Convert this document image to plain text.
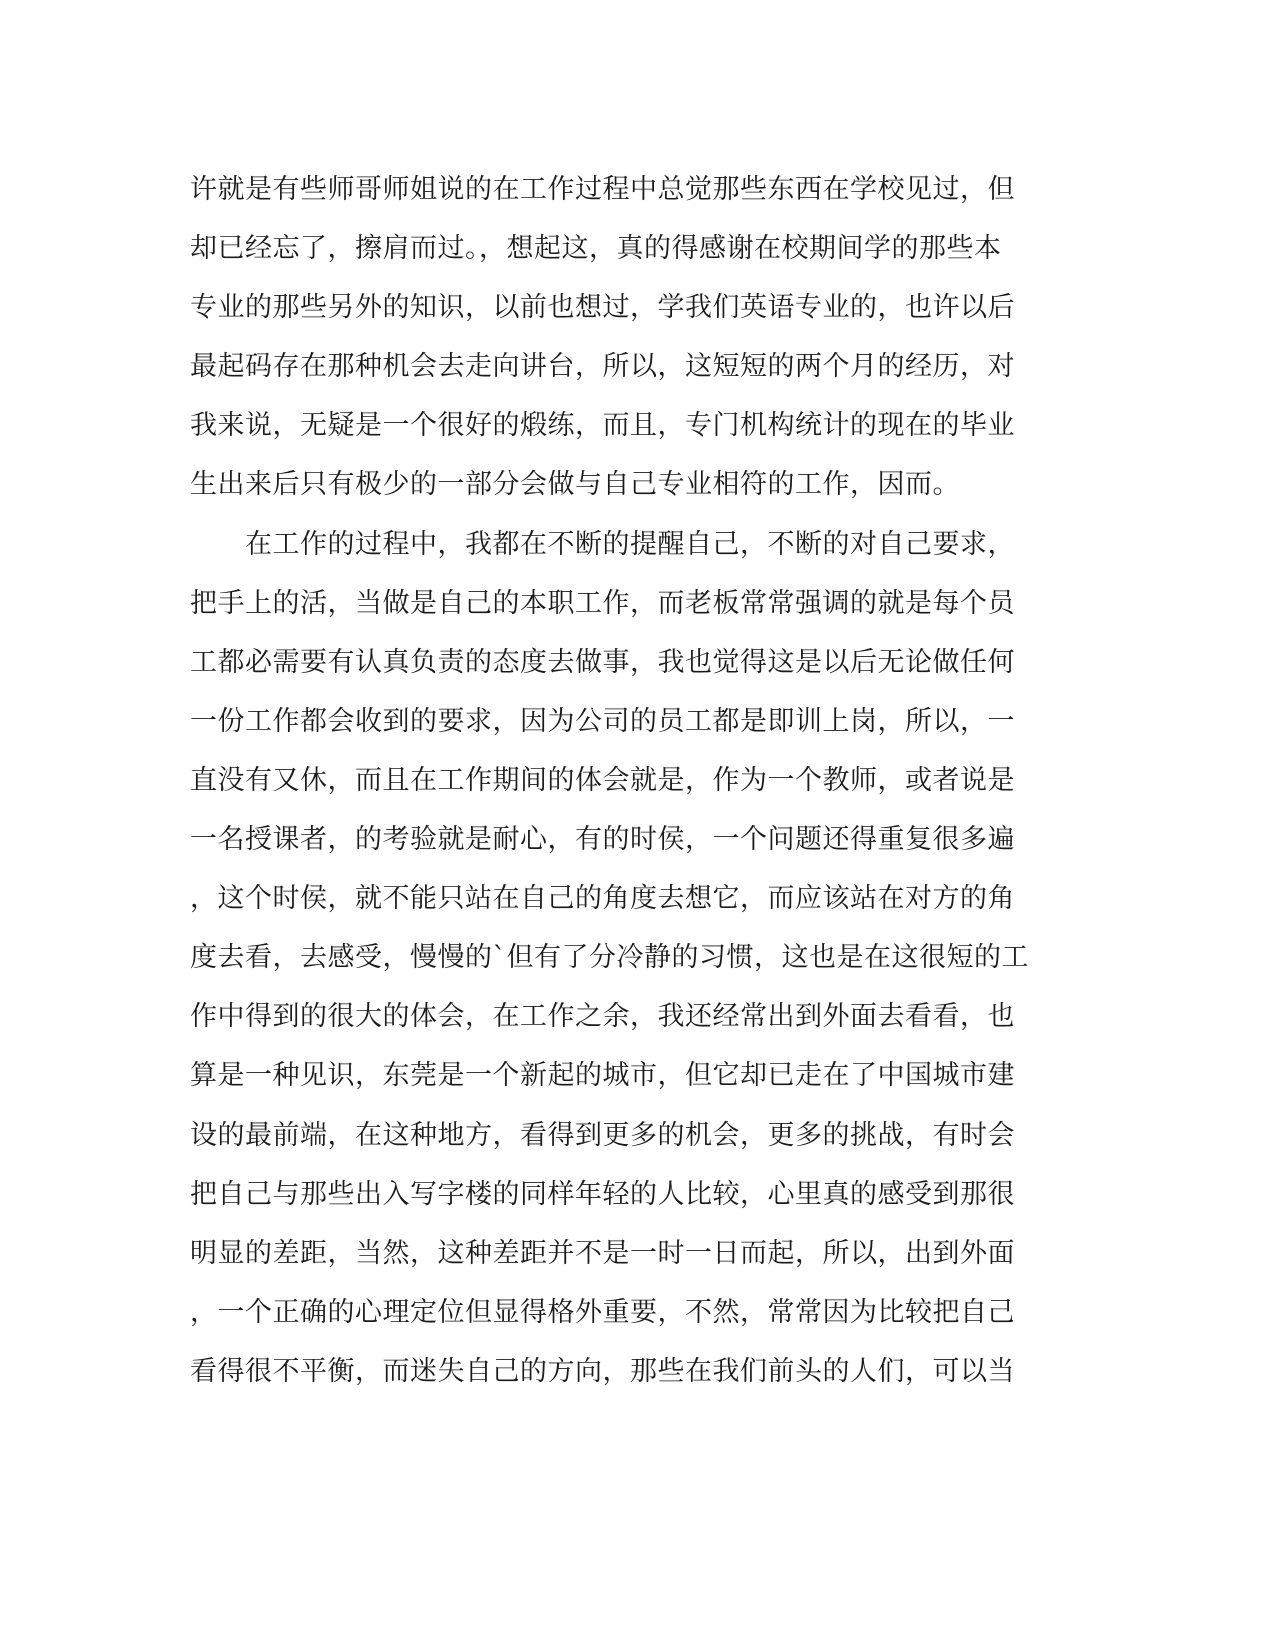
许就是有些师哥师姐说的在工作过程中总觉那些东西在学校见过，但
却已经忘了，擦肩而过。，想起这，真的得感谢在校期间学的那些本
专业的那些另外的知识，以前也想过，学我们英语专业的，也许以后
最起码存在那种机会去走向讲台，所以，这短短的两个月的经历，对
我来说，无疑是一个很好的煅练，而且，专门机构统计的现在的毕业
生出来后只有极少的一部分会做与自己专业相符的工作，因而。
　　在工作的过程中，我都在不断的提醒自己，不断的对自己要求，
把手上的活，当做是自己的本职工作，而老板常常强调的就是每个员
工都必需要有认真负责的态度去做事，我也觉得这是以后无论做任何
一份工作都会收到的要求，因为公司的员工都是即训上岗，所以，一
直没有又休，而且在工作期间的体会就是，作为一个教师，或者说是
一名授课者，的考验就是耐心，有的时侯，一个问题还得重复很多遍
，这个时侯，就不能只站在自己的角度去想它，而应该站在对方的角
度去看，去感受，慢慢的`但有了分冷静的习惯，这也是在这很短的工
作中得到的很大的体会，在工作之余，我还经常出到外面去看看，也
算是一种见识，东莞是一个新起的城市，但它却已走在了中国城市建
设的最前端，在这种地方，看得到更多的机会，更多的挑战，有时会
把自己与那些出入写字楼的同样年轻的人比较，心里真的感受到那很
明显的差距，当然，这种差距并不是一时一日而起，所以，出到外面
，一个正确的心理定位但显得格外重要，不然，常常因为比较把自己
看得很不平衡，而迷失自己的方向，那些在我们前头的人们，可以当
